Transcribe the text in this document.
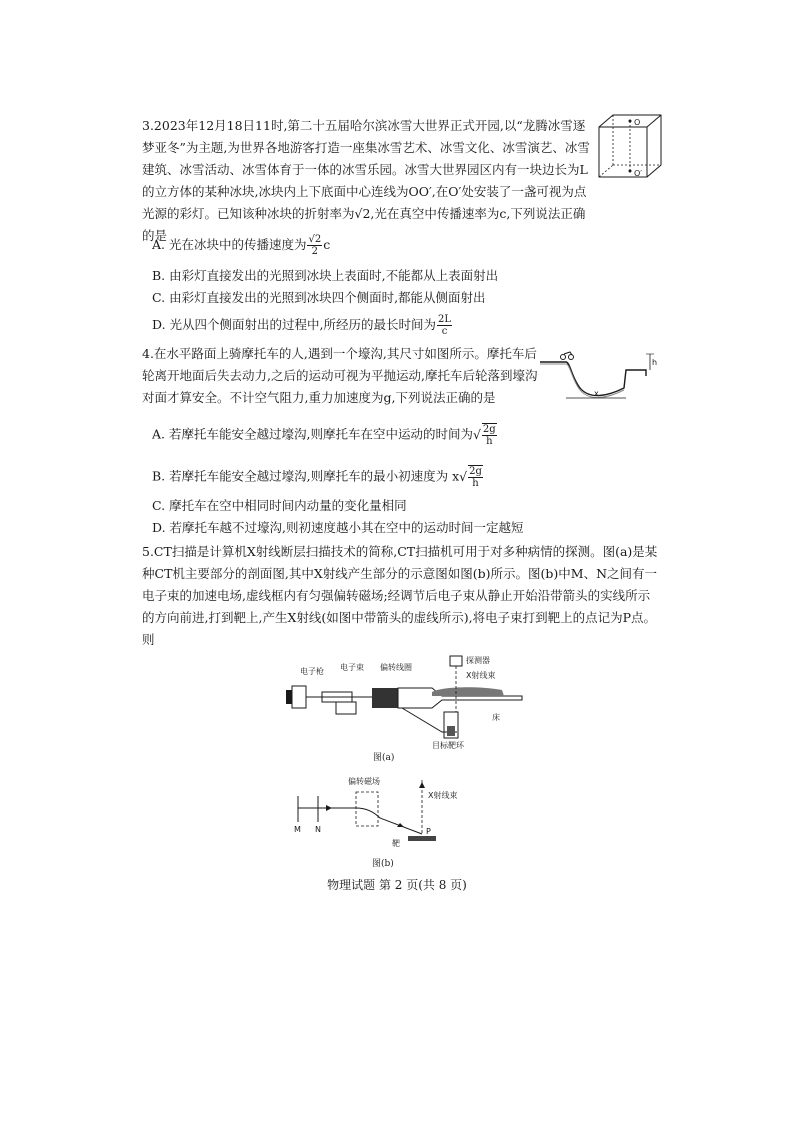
3.2023年12月18日11时,第二十五届哈尔滨冰雪大世界正式开园,以“龙腾冰雪逐梦亚冬”为主题,为世界各地游客打造一座集冰雪艺术、冰雪文化、冰雪演艺、冰雪建筑、冰雪活动、冰雪体育于一体的冰雪乐园。冰雪大世界园区内有一块边长为L的立方体的某种冰块,冰块内上下底面中心连线为OO′,在O′处安装了一盏可视为点光源的彩灯。已知该种冰块的折射率为√2,光在真空中传播速率为c,下列说法正确的是

O
O′
A. 光在冰块中的传播速度为 $\frac{√2}{2}$ c
B. 由彩灯直接发出的光照到冰块上表面时,不能都从上表面射出
C. 由彩灯直接发出的光照到冰块四个侧面时,都能从侧面射出
D. 光从四个侧面射出的过程中,所经历的最长时间为 $\frac{2L}{c}$

4.在水平路面上骑摩托车的人,遇到一个壕沟,其尺寸如图所示。摩托车后轮离开地面后失去动力,之后的运动可视为平抛运动,摩托车后轮落到壕沟对面才算安全。不计空气阻力,重力加速度为g,下列说法正确的是

h
x
A. 若摩托车能安全越过壕沟,则摩托车在空中运动的时间为√ $\frac{2g}{h}$
B. 若摩托车能安全越过壕沟,则摩托车的最小初速度为 $x√ \frac{2g}{h}$
C. 摩托车在空中相同时间内动量的变化量相同
D. 若摩托车越不过壕沟,则初速度越小其在空中的运动时间一定越短

5.CT扫描是计算机X射线断层扫描技术的简称,CT扫描机可用于对多种病情的探测。图(a)是某种CT机主要部分的剖面图,其中X射线产生部分的示意图如图(b)所示。图(b)中M、N之间有一电子束的加速电场,虚线框内有匀强偏转磁场;经调节后电子束从静止开始沿带箭头的实线所示的方向前进,打到靶上,产生X射线(如图中带箭头的虚线所示),将电子束打到靶上的点记为P点。则

电子枪 电子束 偏转线圈
探测器
X射线束
床
目标靶环
图(a)
偏转磁场
X射线束
M N	P
靶
图(b)
物理试题 第 2 页(共 8 页)
